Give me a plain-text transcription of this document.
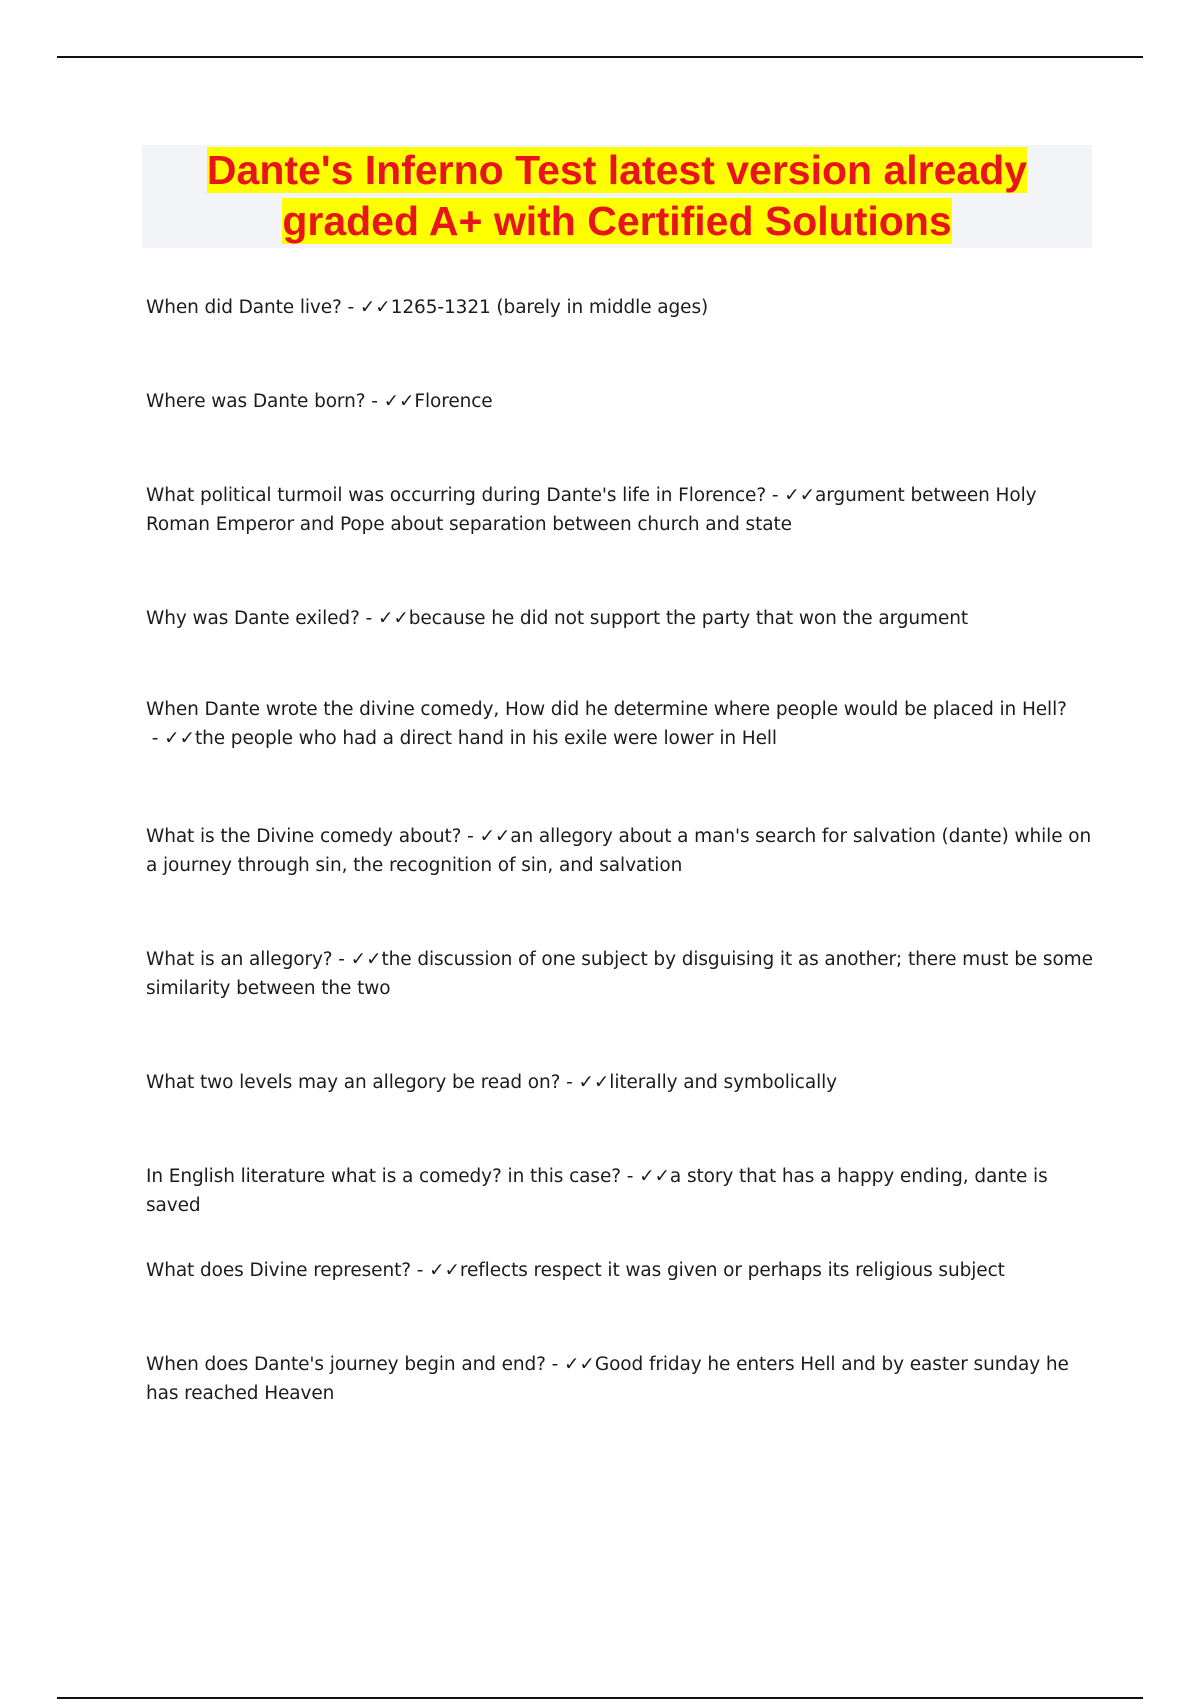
Dante's Inferno Test latest version already graded A+ with Certified Solutions

When did Dante live? - ✓✓1265-1321 (barely in middle ages)
Where was Dante born? - ✓✓Florence
What political turmoil was occurring during Dante's life in Florence? - ✓✓argument between Holy Roman Emperor and Pope about separation between church and state
Why was Dante exiled? - ✓✓because he did not support the party that won the argument
When Dante wrote the divine comedy, How did he determine where people would be placed in Hell? - ✓✓the people who had a direct hand in his exile were lower in Hell
What is the Divine comedy about? - ✓✓an allegory about a man's search for salvation (dante) while on a journey through sin, the recognition of sin, and salvation
What is an allegory? - ✓✓the discussion of one subject by disguising it as another; there must be some similarity between the two
What two levels may an allegory be read on? - ✓✓literally and symbolically
In English literature what is a comedy? in this case? - ✓✓a story that has a happy ending, dante is saved
What does Divine represent? - ✓✓reflects respect it was given or perhaps its religious subject
When does Dante's journey begin and end? - ✓✓Good friday he enters Hell and by easter sunday he has reached Heaven
